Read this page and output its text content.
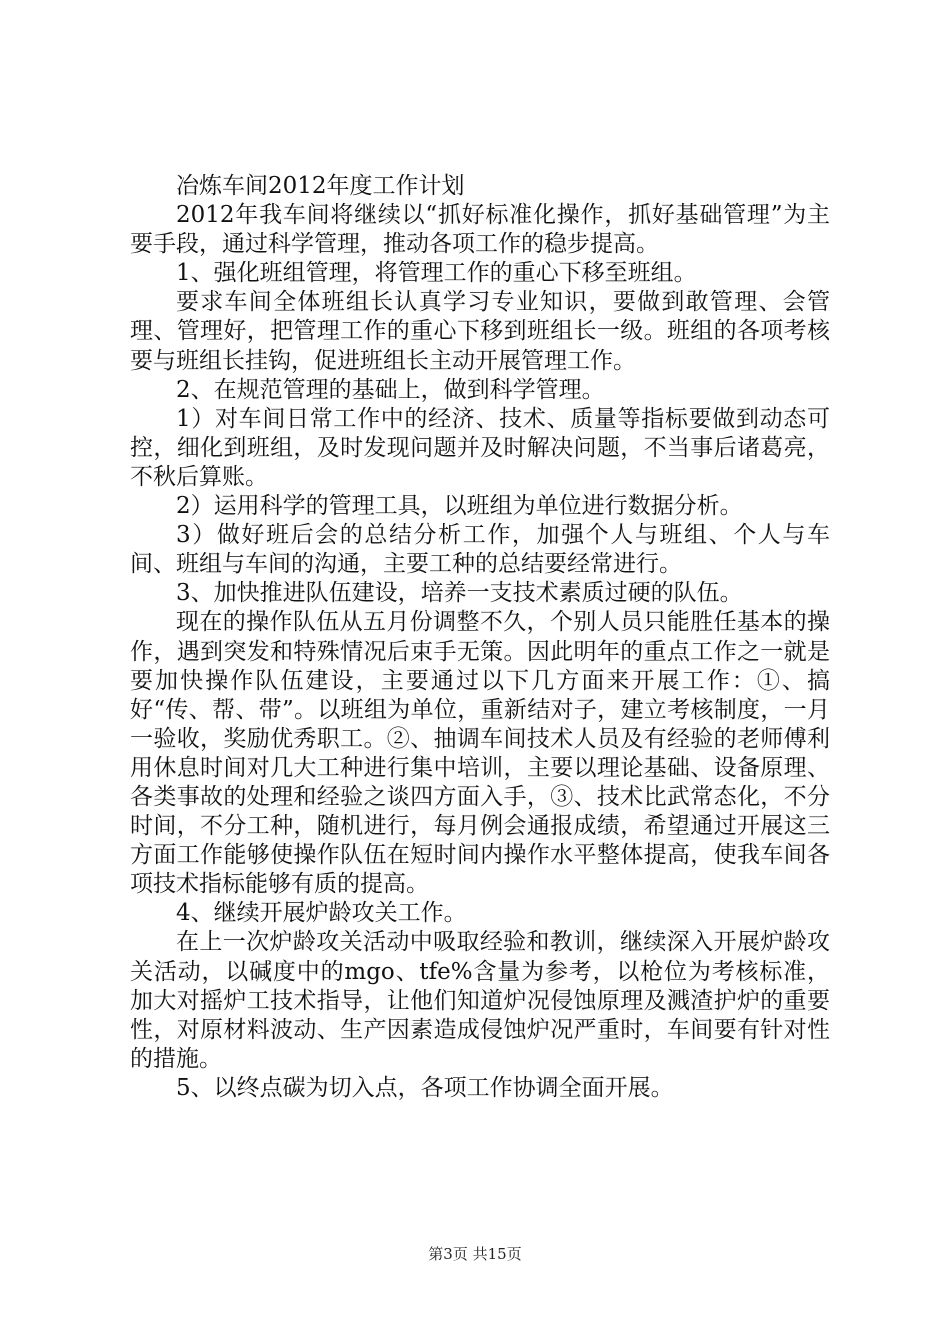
冶炼车间2012年度工作计划

2012年我车间将继续以“抓好标准化操作，抓好基础管理”为主要手段，通过科学管理，推动各项工作的稳步提高。

1、强化班组管理，将管理工作的重心下移至班组。

要求车间全体班组长认真学习专业知识，要做到敢管理、会管理、管理好，把管理工作的重心下移到班组长一级。班组的各项考核要与班组长挂钩，促进班组长主动开展管理工作。

2、在规范管理的基础上，做到科学管理。

1）对车间日常工作中的经济、技术、质量等指标要做到动态可控，细化到班组，及时发现问题并及时解决问题，不当事后诸葛亮，不秋后算账。

2）运用科学的管理工具，以班组为单位进行数据分析。

3）做好班后会的总结分析工作，加强个人与班组、个人与车间、班组与车间的沟通，主要工种的总结要经常进行。

3、加快推进队伍建设，培养一支技术素质过硬的队伍。

现在的操作队伍从五月份调整不久，个别人员只能胜任基本的操作，遇到突发和特殊情况后束手无策。因此明年的重点工作之一就是要加快操作队伍建设，主要通过以下几方面来开展工作：①、搞好“传、帮、带”。以班组为单位，重新结对子，建立考核制度，一月一验收，奖励优秀职工。②、抽调车间技术人员及有经验的老师傅利用休息时间对几大工种进行集中培训，主要以理论基础、设备原理、各类事故的处理和经验之谈四方面入手，③、技术比武常态化，不分时间，不分工种，随机进行，每月例会通报成绩，希望通过开展这三方面工作能够使操作队伍在短时间内操作水平整体提高，使我车间各项技术指标能够有质的提高。

4、继续开展炉龄攻关工作。

在上一次炉龄攻关活动中吸取经验和教训，继续深入开展炉龄攻关活动，以碱度中的mgo、tfe%含量为参考，以枪位为考核标准，加大对摇炉工技术指导，让他们知道炉况侵蚀原理及溅渣护炉的重要性，对原材料波动、生产因素造成侵蚀炉况严重时，车间要有针对性的措施。

5、以终点碳为切入点，各项工作协调全面开展。

第3页 共15页
